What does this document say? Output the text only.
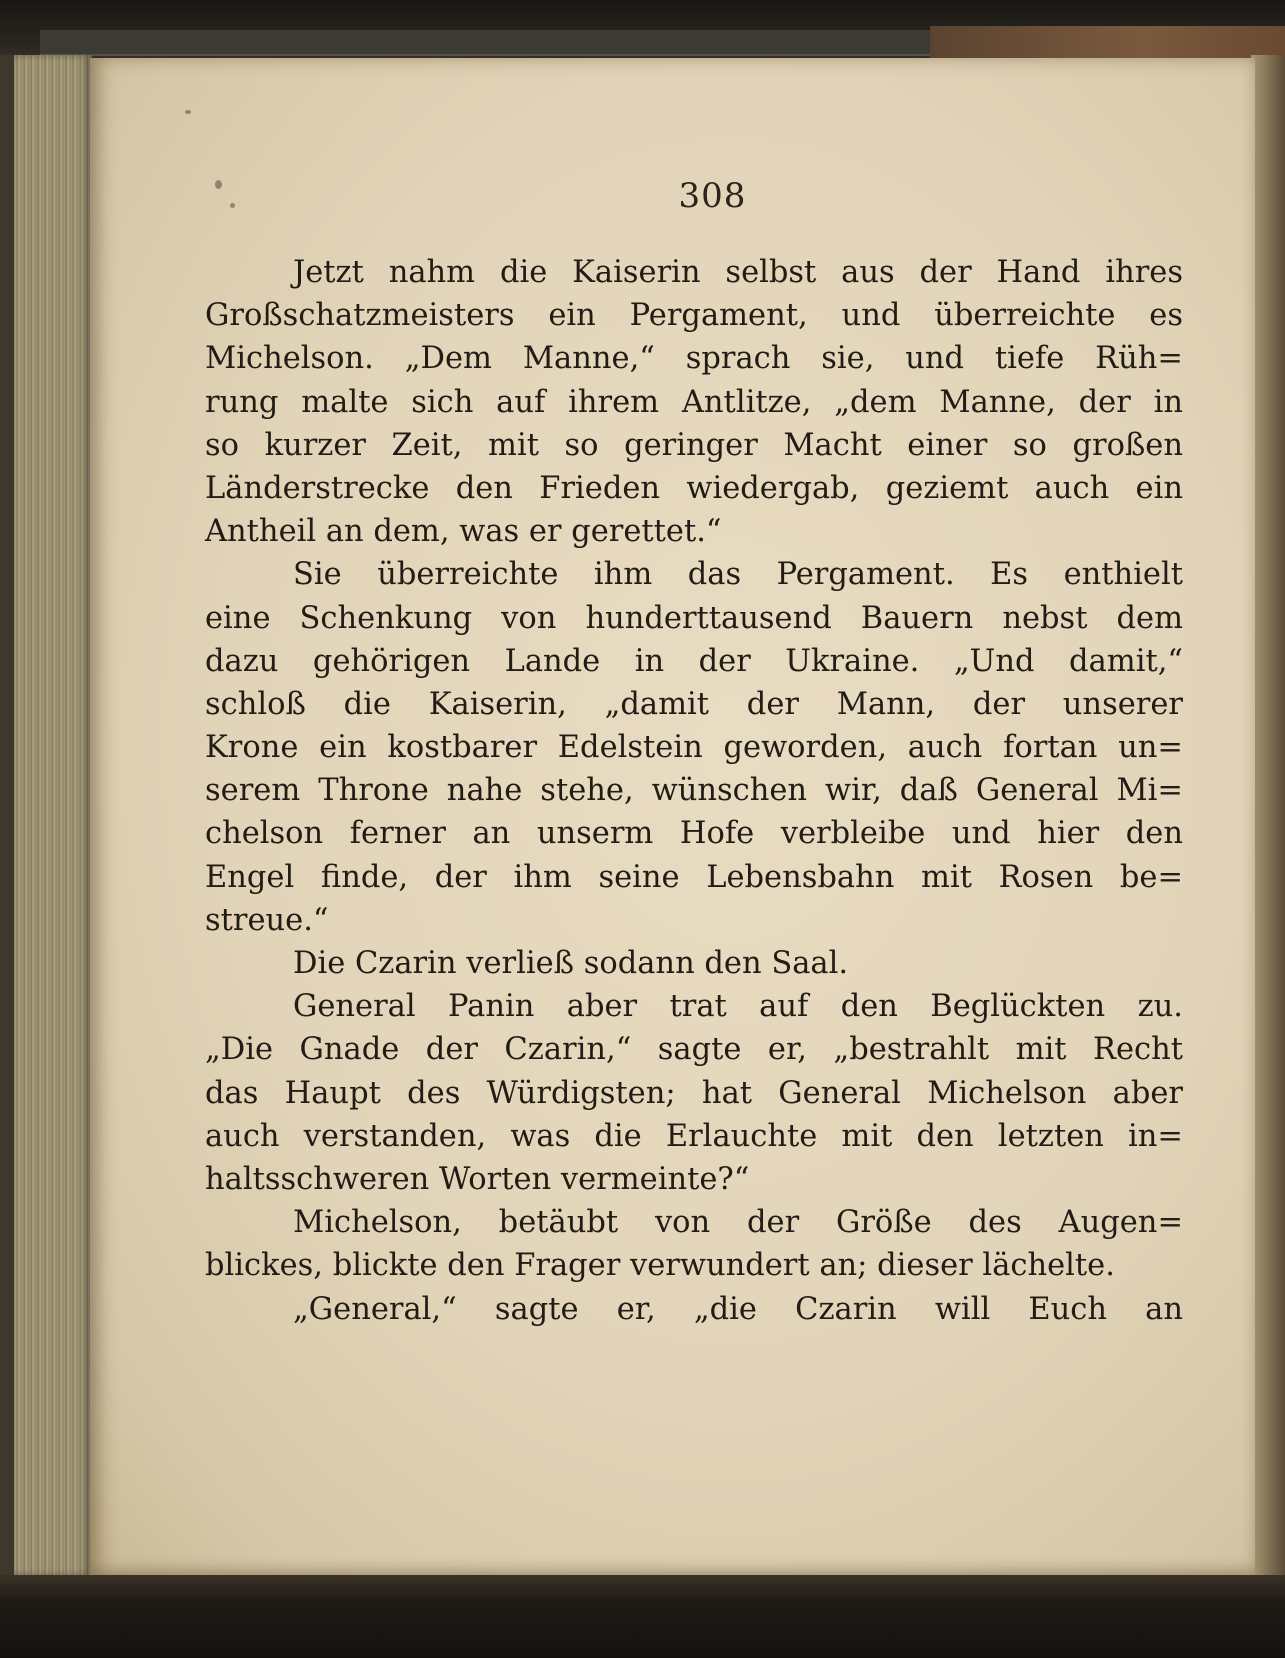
308
Jetzt nahm die Kaiserin selbst aus der Hand ihres
Großschatzmeisters ein Pergament, und überreichte es
Michelson. „Dem Manne,“ sprach sie, und tiefe Rüh=
rung malte sich auf ihrem Antlitze, „dem Manne, der in
so kurzer Zeit, mit so geringer Macht einer so großen
Länderstrecke den Frieden wiedergab, geziemt auch ein
Antheil an dem, was er gerettet.“
Sie überreichte ihm das Pergament. Es enthielt
eine Schenkung von hunderttausend Bauern nebst dem
dazu gehörigen Lande in der Ukraine. „Und damit,“
schloß die Kaiserin, „damit der Mann, der unserer
Krone ein kostbarer Edelstein geworden, auch fortan un=
serem Throne nahe stehe, wünschen wir, daß General Mi=
chelson ferner an unserm Hofe verbleibe und hier den
Engel finde, der ihm seine Lebensbahn mit Rosen be=
streue.“
Die Czarin verließ sodann den Saal.
General Panin aber trat auf den Beglückten zu.
„Die Gnade der Czarin,“ sagte er, „bestrahlt mit Recht
das Haupt des Würdigsten; hat General Michelson aber
auch verstanden, was die Erlauchte mit den letzten in=
haltsschweren Worten vermeinte?“
Michelson, betäubt von der Größe des Augen=
blickes, blickte den Frager verwundert an; dieser lächelte.
„General,“ sagte er, „die Czarin will Euch an
